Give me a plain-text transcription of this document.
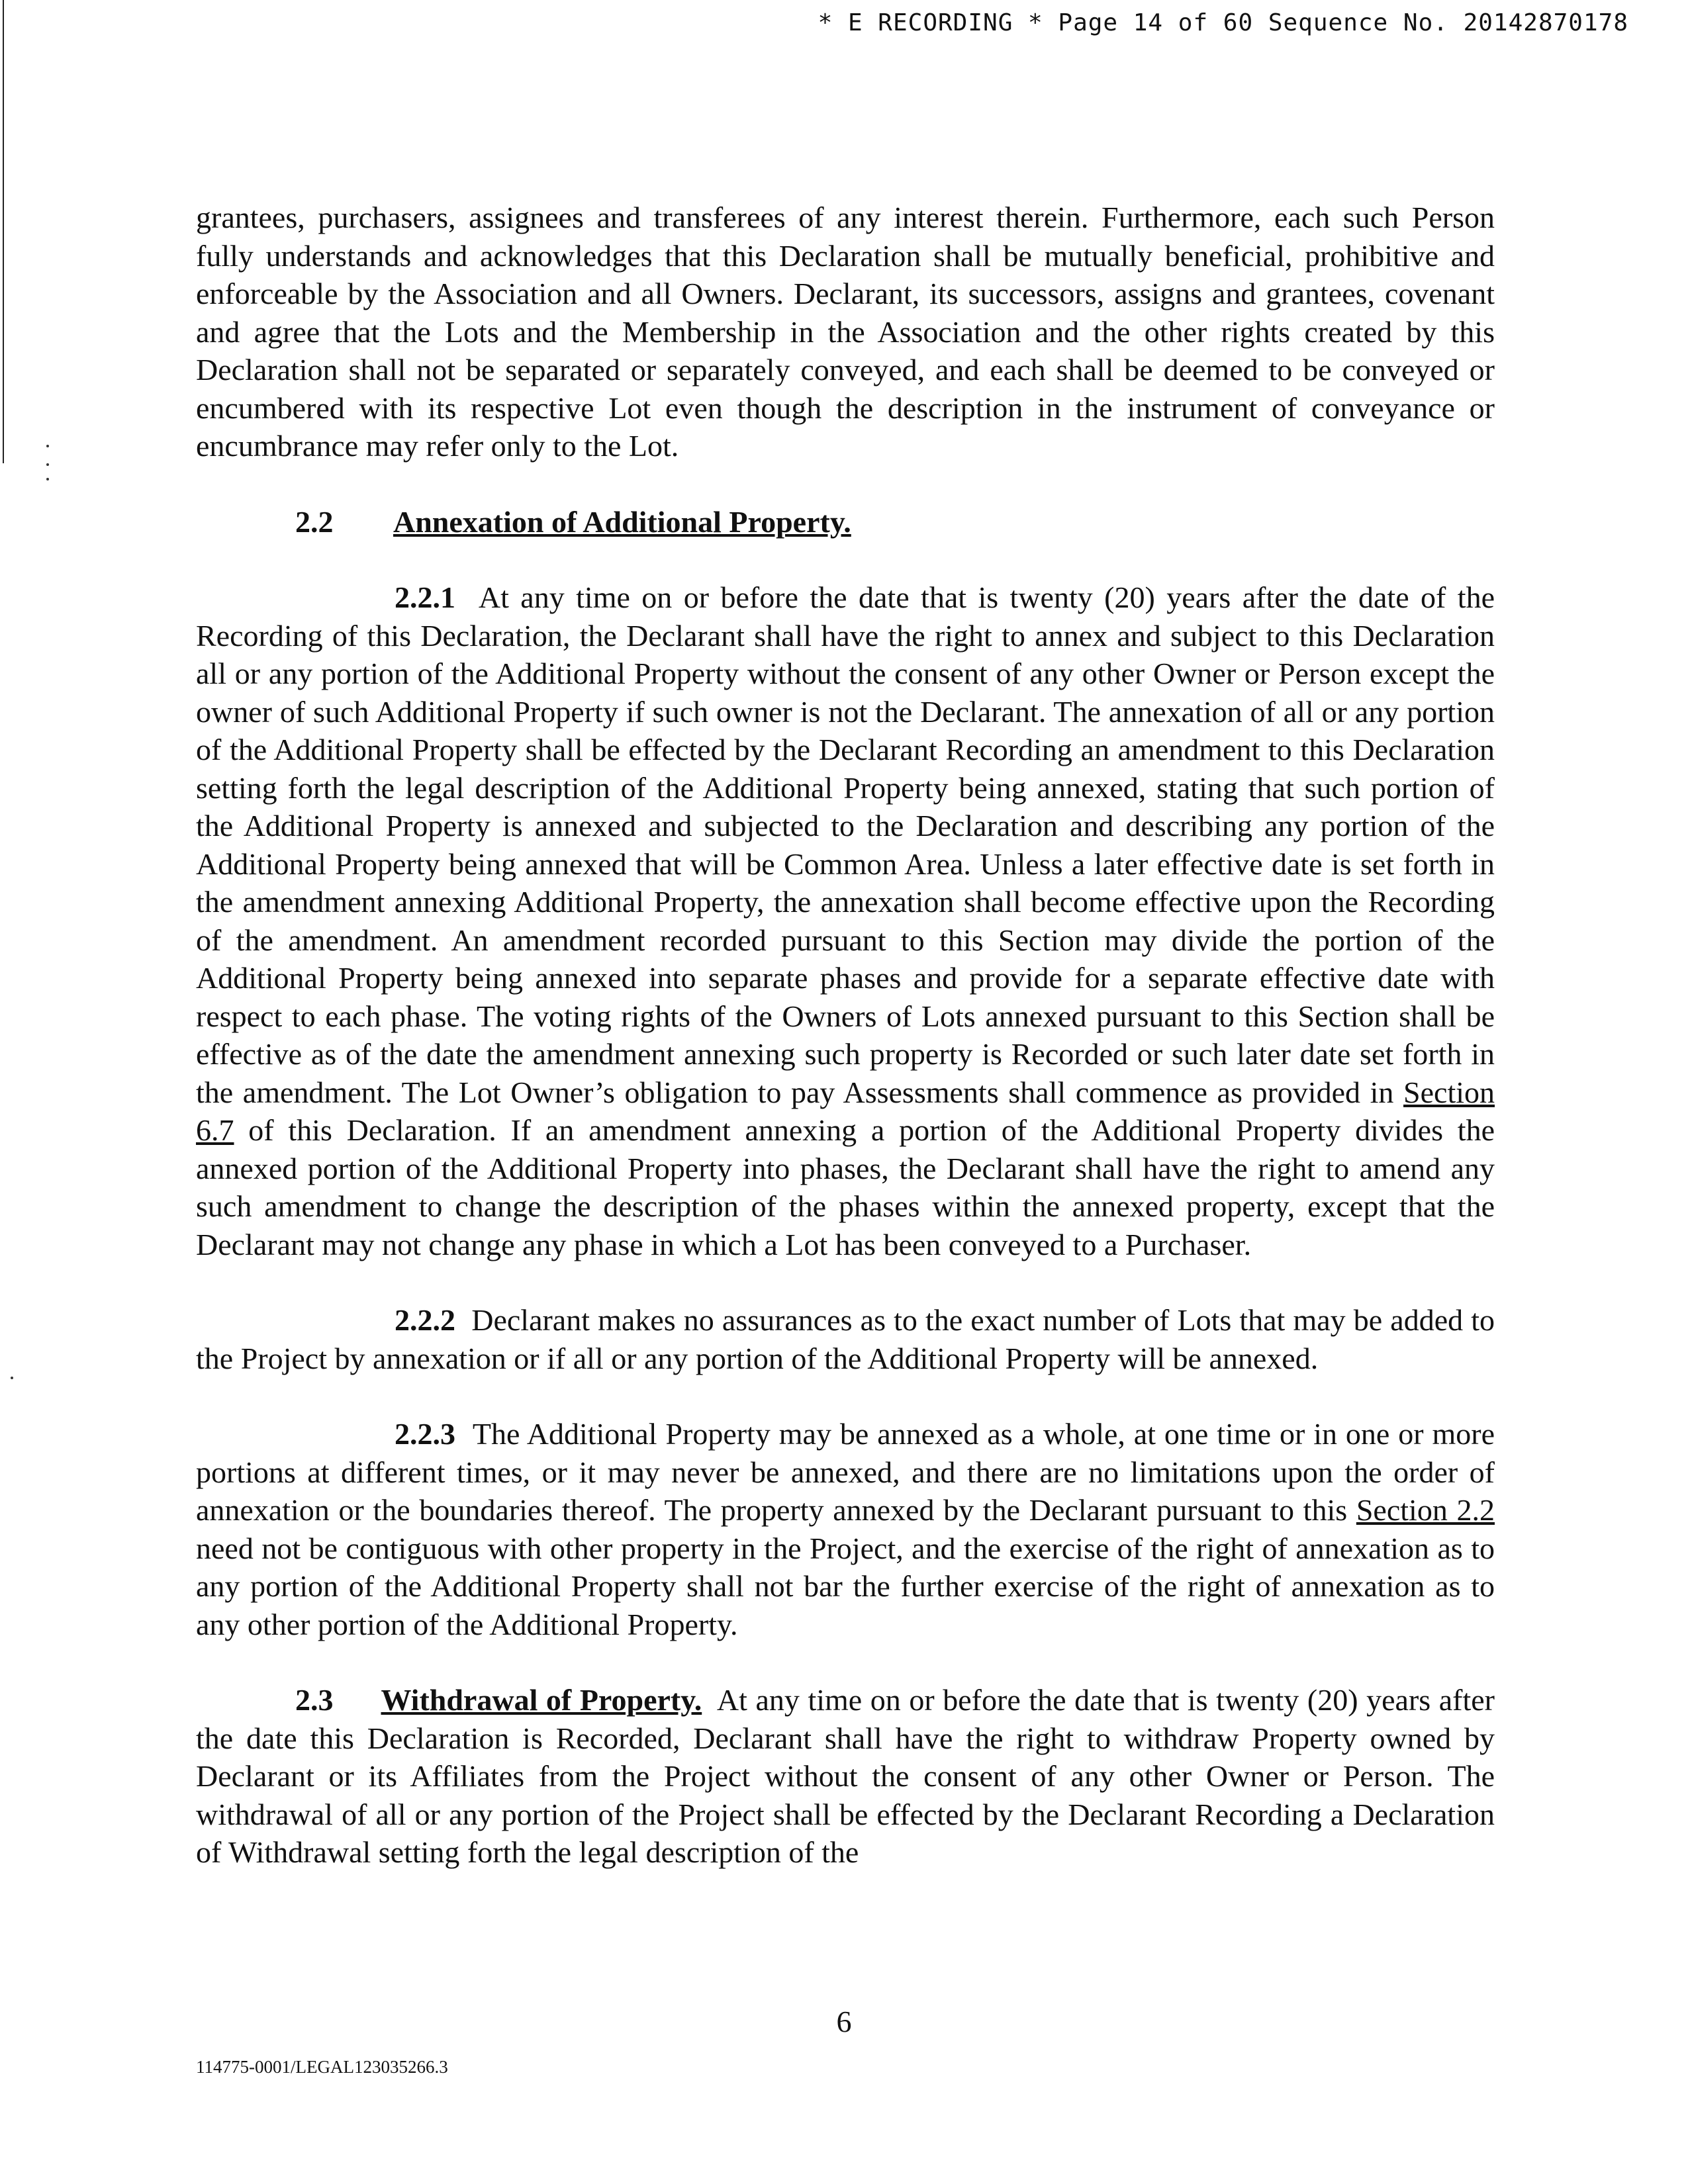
* E RECORDING * Page 14 of 60 Sequence No. 20142870178

grantees, purchasers, assignees and transferees of any interest therein. Furthermore, each such Person fully understands and acknowledges that this Declaration shall be mutually beneficial, prohibitive and enforceable by the Association and all Owners. Declarant, its successors, assigns and grantees, covenant and agree that the Lots and the Membership in the Association and the other rights created by this Declaration shall not be separated or separately conveyed, and each shall be deemed to be conveyed or encumbered with its respective Lot even though the description in the instrument of conveyance or encumbrance may refer only to the Lot.

2.2 Annexation of Additional Property.

2.2.1 At any time on or before the date that is twenty (20) years after the date of the Recording of this Declaration, the Declarant shall have the right to annex and subject to this Declaration all or any portion of the Additional Property without the consent of any other Owner or Person except the owner of such Additional Property if such owner is not the Declarant. The annexation of all or any portion of the Additional Property shall be effected by the Declarant Recording an amendment to this Declaration setting forth the legal description of the Additional Property being annexed, stating that such portion of the Additional Property is annexed and subjected to the Declaration and describing any portion of the Additional Property being annexed that will be Common Area. Unless a later effective date is set forth in the amendment annexing Additional Property, the annexation shall become effective upon the Recording of the amendment. An amendment recorded pursuant to this Section may divide the portion of the Additional Property being annexed into separate phases and provide for a separate effective date with respect to each phase. The voting rights of the Owners of Lots annexed pursuant to this Section shall be effective as of the date the amendment annexing such property is Recorded or such later date set forth in the amendment. The Lot Owner’s obligation to pay Assessments shall commence as provided in Section 6.7 of this Declaration. If an amendment annexing a portion of the Additional Property divides the annexed portion of the Additional Property into phases, the Declarant shall have the right to amend any such amendment to change the description of the phases within the annexed property, except that the Declarant may not change any phase in which a Lot has been conveyed to a Purchaser.

2.2.2 Declarant makes no assurances as to the exact number of Lots that may be added to the Project by annexation or if all or any portion of the Additional Property will be annexed.

2.2.3 The Additional Property may be annexed as a whole, at one time or in one or more portions at different times, or it may never be annexed, and there are no limitations upon the order of annexation or the boundaries thereof. The property annexed by the Declarant pursuant to this Section 2.2 need not be contiguous with other property in the Project, and the exercise of the right of annexation as to any portion of the Additional Property shall not bar the further exercise of the right of annexation as to any other portion of the Additional Property.

2.3 Withdrawal of Property. At any time on or before the date that is twenty (20) years after the date this Declaration is Recorded, Declarant shall have the right to withdraw Property owned by Declarant or its Affiliates from the Project without the consent of any other Owner or Person. The withdrawal of all or any portion of the Project shall be effected by the Declarant Recording a Declaration of Withdrawal setting forth the legal description of the

6
114775-0001/LEGAL123035266.3
